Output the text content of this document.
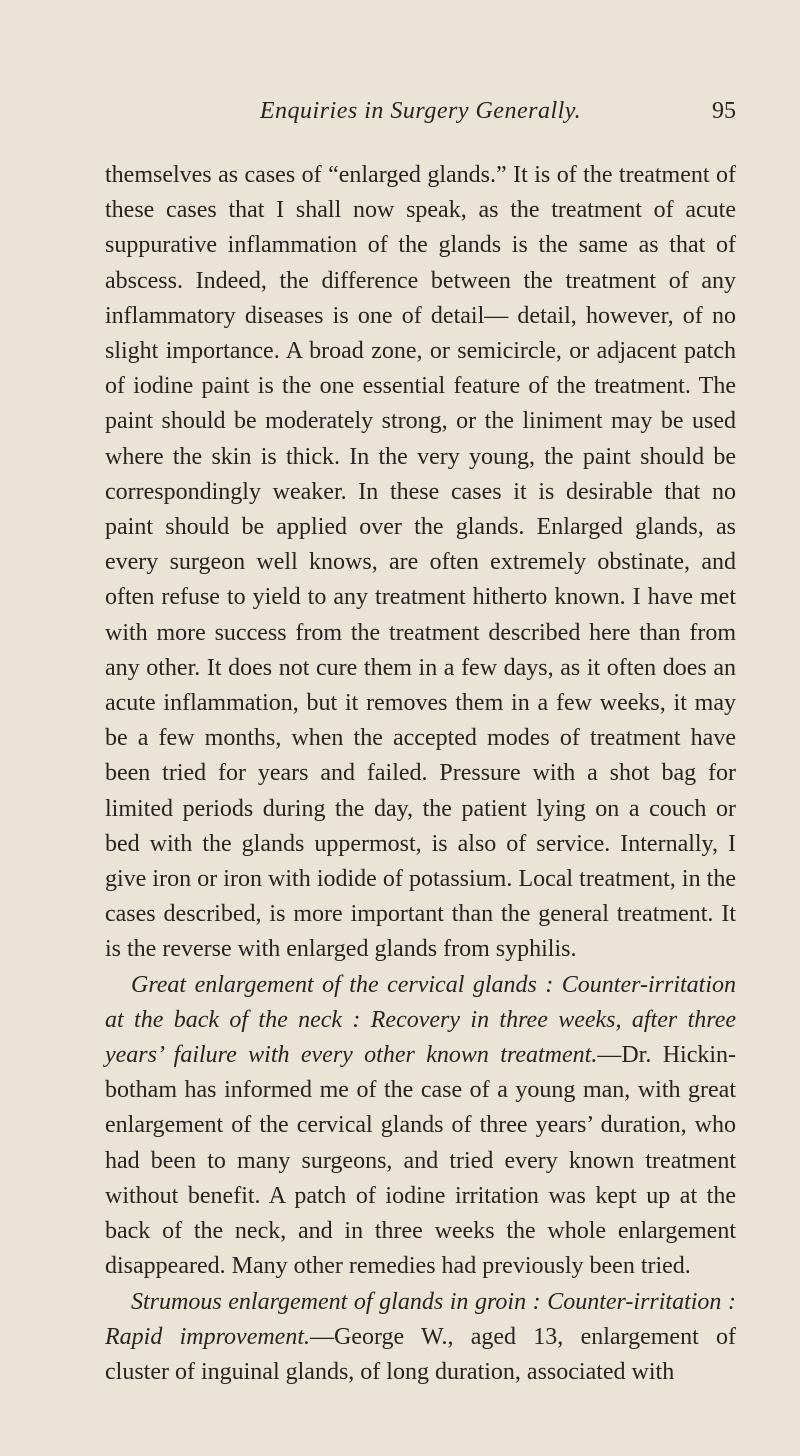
Enquiries in Surgery Generally.	95

themselves as cases of “enlarged glands.” It is of the treatment of these cases that I shall now speak, as the treatment of acute suppurative inflammation of the glands is the same as that of abscess. Indeed, the difference between the treatment of any inflammatory diseases is one of detail— detail, however, of no slight importance. A broad zone, or semicircle, or adjacent patch of iodine paint is the one essential feature of the treatment. The paint should be moderately strong, or the liniment may be used where the skin is thick. In the very young, the paint should be correspondingly weaker. In these cases it is desirable that no paint should be applied over the glands. Enlarged glands, as every surgeon well knows, are often extremely obstinate, and often refuse to yield to any treatment hitherto known. I have met with more success from the treatment described here than from any other. It does not cure them in a few days, as it often does an acute inflammation, but it removes them in a few weeks, it may be a few months, when the accepted modes of treatment have been tried for years and failed. Pressure with a shot bag for limited periods during the day, the patient lying on a couch or bed with the glands uppermost, is also of service. Internally, I give iron or iron with iodide of potassium. Local treatment, in the cases described, is more important than the general treatment. It is the reverse with enlarged glands from syphilis.

Great enlargement of the cervical glands : Counter-irritation at the back of the neck : Recovery in three weeks, after three years’ failure with every other known treatment.—Dr. Hickin- botham has informed me of the case of a young man, with great enlargement of the cervical glands of three years’ duration, who had been to many surgeons, and tried every known treatment without benefit. A patch of iodine irritation was kept up at the back of the neck, and in three weeks the whole enlargement disappeared. Many other remedies had previously been tried.

Strumous enlargement of glands in groin : Counter-irritation : Rapid improvement.—George W., aged 13, enlargement of cluster of inguinal glands, of long duration, associated with
